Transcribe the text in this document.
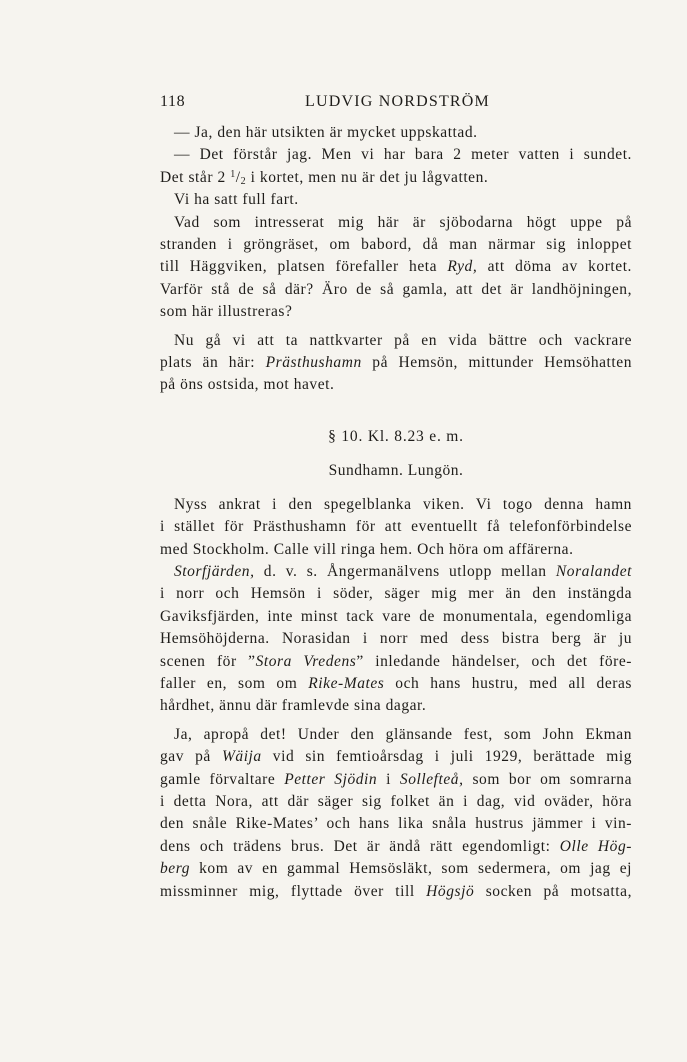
118	LUDVIG NORDSTRÖM
— Ja, den här utsikten är mycket uppskattad.
— Det förstår jag. Men vi har bara 2 meter vatten i sundet.
Det står 2 $^1/_2$ i kortet, men nu är det ju lågvatten.
Vi ha satt full fart.
Vad som intresserat mig här är sjöbodarna högt uppe på
stranden i gröngräset, om babord, då man närmar sig inloppet
till Häggviken, platsen förefaller heta Ryd, att döma av kortet.
Varför stå de så där? Äro de så gamla, att det är landhöjningen,
som här illustreras?
Nu gå vi att ta nattkvarter på en vida bättre och vackrare
plats än här: Prästhushamn på Hemsön, mittunder Hemsöhatten
på öns ostsida, mot havet.
§ 10. Kl. 8.23 e. m.
Sundhamn. Lungön.
Nyss ankrat i den spegelblanka viken. Vi togo denna hamn
i stället för Prästhushamn för att eventuellt få telefonförbindelse
med Stockholm. Calle vill ringa hem. Och höra om affärerna.
Storfjärden, d. v. s. Ångermanälvens utlopp mellan Noralandet
i norr och Hemsön i söder, säger mig mer än den instängda
Gaviksfjärden, inte minst tack vare de monumentala, egendomliga
Hemsöhöjderna. Norasidan i norr med dess bistra berg är ju
scenen för ”Stora Vredens” inledande händelser, och det före-
faller en, som om Rike-Mates och hans hustru, med all deras
hårdhet, ännu där framlevde sina dagar.
Ja, apropå det! Under den glänsande fest, som John Ekman
gav på Wäija vid sin femtioårsdag i juli 1929, berättade mig
gamle förvaltare Petter Sjödin i Sollefteå, som bor om somrarna
i detta Nora, att där säger sig folket än i dag, vid oväder, höra
den snåle Rike-Mates’ och hans lika snåla hustrus jämmer i vin-
dens och trädens brus. Det är ändå rätt egendomligt: Olle Hög-
berg kom av en gammal Hemsösläkt, som sedermera, om jag ej
missminner mig, flyttade över till Högsjö socken på motsatta,
